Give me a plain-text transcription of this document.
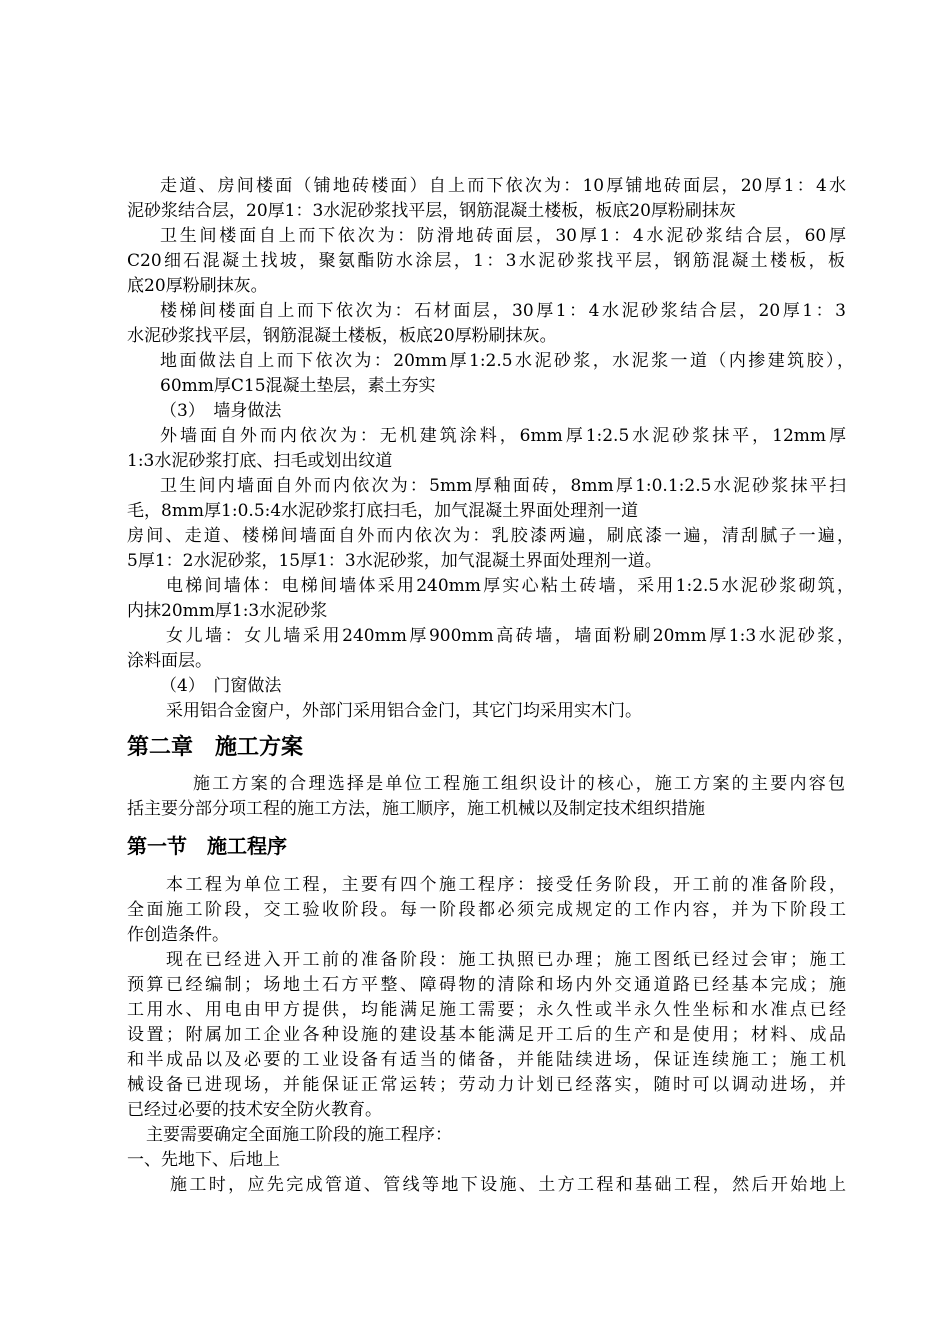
走道、房间楼面（铺地砖楼面）自上而下依次为：10厚铺地砖面层，20厚1：4水
泥砂浆结合层，20厚1：3水泥砂浆找平层，钢筋混凝土楼板，板底20厚粉刷抹灰
卫生间楼面自上而下依次为：防滑地砖面层，30厚1：4水泥砂浆结合层，60厚
C20细石混凝土找坡，聚氨酯防水涂层，1：3水泥砂浆找平层，钢筋混凝土楼板，板
底20厚粉刷抹灰。
楼梯间楼面自上而下依次为：石材面层，30厚1：4水泥砂浆结合层，20厚1：3
水泥砂浆找平层，钢筋混凝土楼板，板底20厚粉刷抹灰。
地面做法自上而下依次为：20mm厚1:2.5水泥砂浆，水泥浆一道（内掺建筑胶），
60mm厚C15混凝土垫层，素土夯实
（3）　墙身做法
外墙面自外而内依次为：无机建筑涂料，6mm厚1:2.5水泥砂浆抹平，12mm厚
1:3水泥砂浆打底、扫毛或划出纹道
卫生间内墙面自外而内依次为：5mm厚釉面砖，8mm厚1:0.1:2.5水泥砂浆抹平扫
毛，8mm厚1:0.5:4水泥砂浆打底扫毛，加气混凝土界面处理剂一道
房间、走道、楼梯间墙面自外而内依次为：乳胶漆两遍，刷底漆一遍，清刮腻子一遍，
5厚1：2水泥砂浆，15厚1：3水泥砂浆，加气混凝土界面处理剂一道。
电梯间墙体：电梯间墙体采用240mm厚实心粘土砖墙，采用1:2.5水泥砂浆砌筑，
内抹20mm厚1:3水泥砂浆
女儿墙：女儿墙采用240mm厚900mm高砖墙，墙面粉刷20mm厚1:3水泥砂浆，
涂料面层。
（4）　门窗做法
采用铝合金窗户，外部门采用铝合金门，其它门均采用实木门。
第二章　施工方案
施工方案的合理选择是单位工程施工组织设计的核心，施工方案的主要内容包
括主要分部分项工程的施工方法，施工顺序，施工机械以及制定技术组织措施
第一节　施工程序
本工程为单位工程，主要有四个施工程序：接受任务阶段，开工前的准备阶段，
全面施工阶段，交工验收阶段。每一阶段都必须完成规定的工作内容，并为下阶段工
作创造条件。
现在已经进入开工前的准备阶段：施工执照已办理；施工图纸已经过会审；施工
预算已经编制；场地土石方平整、障碍物的清除和场内外交通道路已经基本完成；施
工用水、用电由甲方提供，均能满足施工需要；永久性或半永久性坐标和水准点已经
设置；附属加工企业各种设施的建设基本能满足开工后的生产和是使用；材料、成品
和半成品以及必要的工业设备有适当的储备，并能陆续进场，保证连续施工；施工机
械设备已进现场，并能保证正常运转；劳动力计划已经落实，随时可以调动进场，并
已经过必要的技术安全防火教育。
主要需要确定全面施工阶段的施工程序：
一、先地下、后地上
施工时，应先完成管道、管线等地下设施、土方工程和基础工程，然后开始地上
